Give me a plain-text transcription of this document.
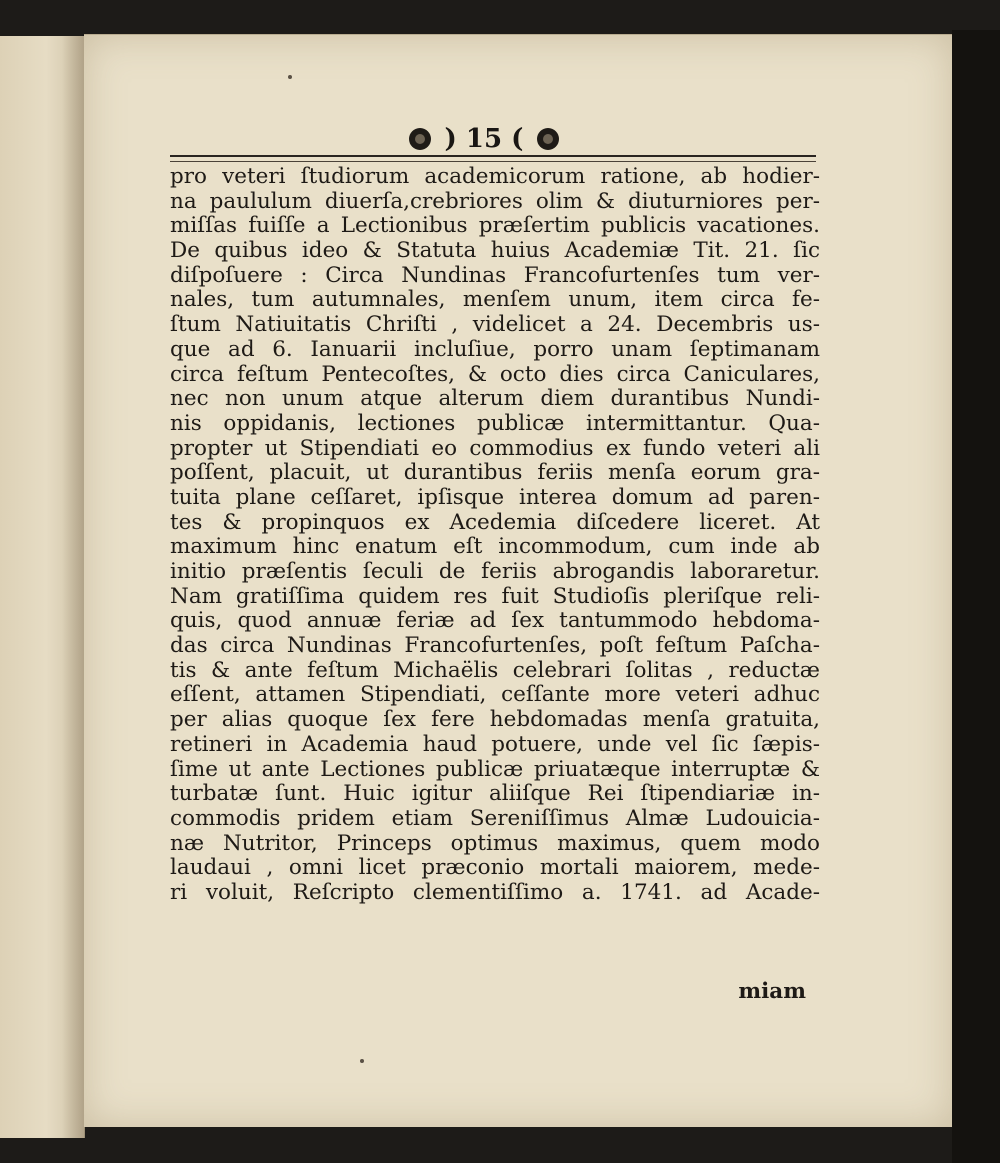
) 15 (
pro veteri ſtudiorum academicorum ratione, ab hodier-
na paululum diuerſa,crebriores olim & diuturniores per-
miſſas fuiſſe a Lectionibus præſertim publicis vacationes.
De quibus ideo & Statuta huius Academiæ Tit. 21. ſic
diſpoſuere : Circa Nundinas Francofurtenſes tum ver-
nales, tum autumnales, menſem unum, item circa fe-
ſtum Natiuitatis Chriſti , videlicet a 24. Decembris us-
que ad 6. Ianuarii incluſiue, porro unam ſeptimanam
circa feſtum Pentecoſtes, & octo dies circa Caniculares,
nec non unum atque alterum diem durantibus Nundi-
nis oppidanis, lectiones publicæ intermittantur. Qua-
propter ut Stipendiati eo commodius ex fundo veteri ali
poſſent, placuit, ut durantibus feriis menſa eorum gra-
tuita plane ceſſaret, ipſisque interea domum ad paren-
tes & propinquos ex Acedemia diſcedere liceret. At
maximum hinc enatum eſt incommodum, cum inde ab
initio præſentis ſeculi de feriis abrogandis laboraretur.
Nam gratiſſima quidem res fuit Studioſis pleriſque reli-
quis, quod annuæ feriæ ad ſex tantummodo hebdoma-
das circa Nundinas Francofurtenſes, poſt feſtum Paſcha-
tis & ante feſtum Michaëlis celebrari ſolitas , reductæ
eſſent, attamen Stipendiati, ceſſante more veteri adhuc
per alias quoque ſex fere hebdomadas menſa gratuita,
retineri in Academia haud potuere, unde vel ſic ſæpis-
ſime ut ante Lectiones publicæ priuatæque interruptæ &
turbatæ ſunt. Huic igitur aliiſque Rei ſtipendiariæ in-
commodis pridem etiam Sereniſſimus Almæ Ludouicia-
næ Nutritor, Princeps optimus maximus, quem modo
laudaui , omni licet præconio mortali maiorem, mede-
ri voluit, Reſcripto clementiſſimo a. 1741. ad Acade-
miam
